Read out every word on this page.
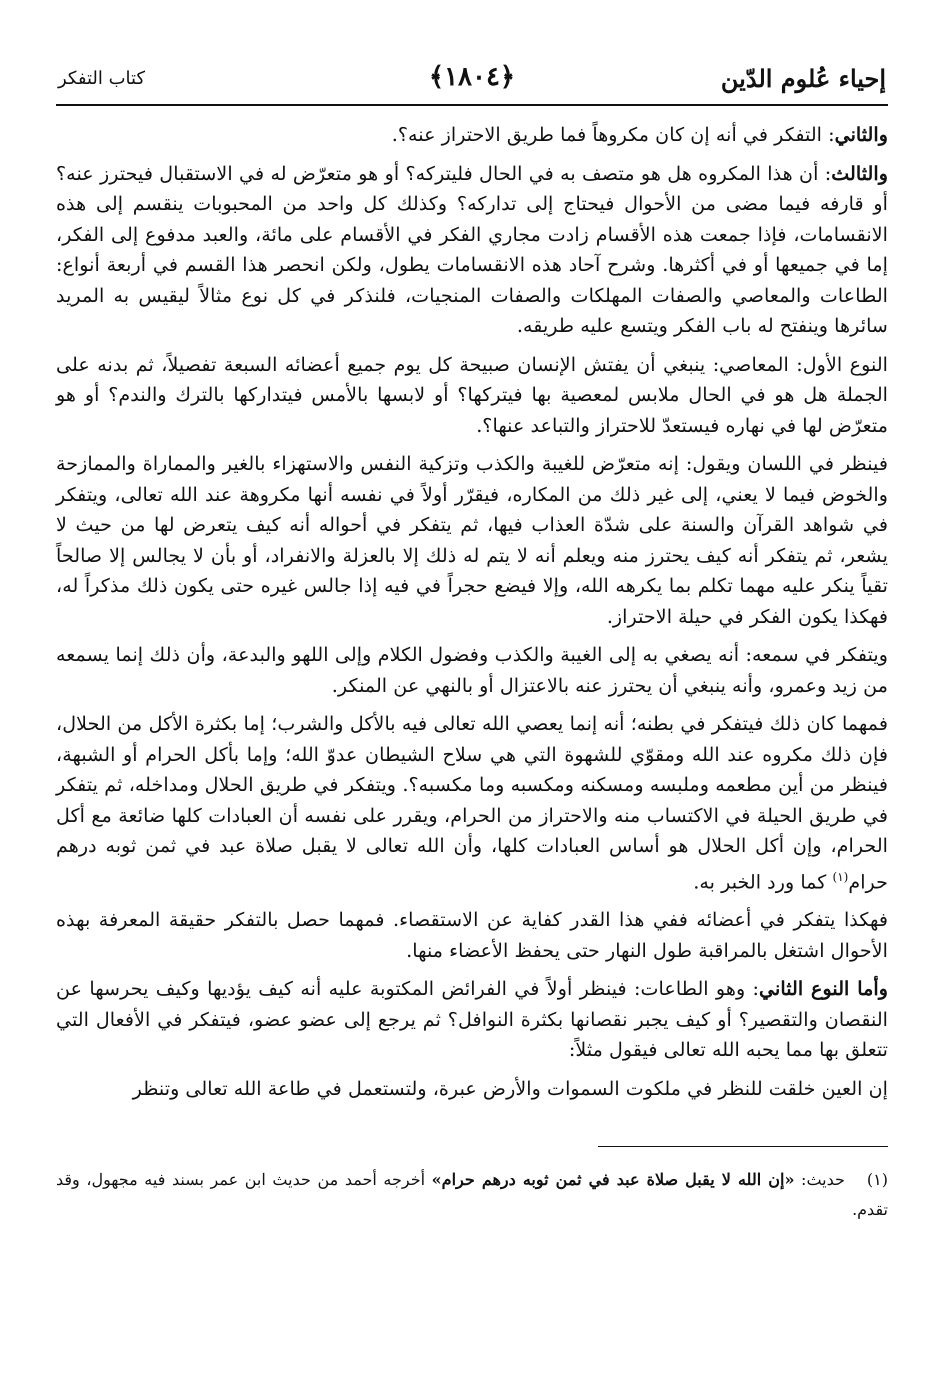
إحياء عُلوم الدّين
﴿١٨٠٤﴾
كتاب التفكر

والثاني: التفكر في أنه إن كان مكروهاً فما طريق الاحتراز عنه؟.

والثالث: أن هذا المكروه هل هو متصف به في الحال فليتركه؟ أو هو متعرّض له في الاستقبال فيحترز عنه؟ أو قارفه فيما مضى من الأحوال فيحتاج إلى تداركه؟ وكذلك كل واحد من المحبوبات ينقسم إلى هذه الانقسامات، فإذا جمعت هذه الأقسام زادت مجاري الفكر في الأقسام على مائة، والعبد مدفوع إلى الفكر، إما في جميعها أو في أكثرها. وشرح آحاد هذه الانقسامات يطول، ولكن انحصر هذا القسم في أربعة أنواع: الطاعات والمعاصي والصفات المهلكات والصفات المنجيات، فلنذكر في كل نوع مثالاً ليقيس به المريد سائرها وينفتح له باب الفكر ويتسع عليه طريقه.

النوع الأول: المعاصي: ينبغي أن يفتش الإنسان صبيحة كل يوم جميع أعضائه السبعة تفصيلاً، ثم بدنه على الجملة هل هو في الحال ملابس لمعصية بها فيتركها؟ أو لابسها بالأمس فيتداركها بالترك والندم؟ أو هو متعرّض لها في نهاره فيستعدّ للاحتراز والتباعد عنها؟.

فينظر في اللسان ويقول: إنه متعرّض للغيبة والكذب وتزكية النفس والاستهزاء بالغير والمماراة والممازحة والخوض فيما لا يعني، إلى غير ذلك من المكاره، فيقرّر أولاً في نفسه أنها مكروهة عند الله تعالى، ويتفكر في شواهد القرآن والسنة على شدّة العذاب فيها، ثم يتفكر في أحواله أنه كيف يتعرض لها من حيث لا يشعر، ثم يتفكر أنه كيف يحترز منه ويعلم أنه لا يتم له ذلك إلا بالعزلة والانفراد، أو بأن لا يجالس إلا صالحاً تقياً ينكر عليه مهما تكلم بما يكرهه الله، وإلا فيضع حجراً في فيه إذا جالس غيره حتى يكون ذلك مذكراً له، فهكذا يكون الفكر في حيلة الاحتراز.

ويتفكر في سمعه: أنه يصغي به إلى الغيبة والكذب وفضول الكلام وإلى اللهو والبدعة، وأن ذلك إنما يسمعه من زيد وعمرو، وأنه ينبغي أن يحترز عنه بالاعتزال أو بالنهي عن المنكر.

فمهما كان ذلك فيتفكر في بطنه؛ أنه إنما يعصي الله تعالى فيه بالأكل والشرب؛ إما بكثرة الأكل من الحلال، فإن ذلك مكروه عند الله ومقوّي للشهوة التي هي سلاح الشيطان عدوّ الله؛ وإما بأكل الحرام أو الشبهة، فينظر من أين مطعمه وملبسه ومسكنه ومكسبه وما مكسبه؟. ويتفكر في طريق الحلال ومداخله، ثم يتفكر في طريق الحيلة في الاكتساب منه والاحتراز من الحرام، ويقرر على نفسه أن العبادات كلها ضائعة مع أكل الحرام، وإن أكل الحلال هو أساس العبادات كلها، وأن الله تعالى لا يقبل صلاة عبد في ثمن ثوبه درهم حرام$^{(١)}$ كما ورد الخبر به.

فهكذا يتفكر في أعضائه ففي هذا القدر كفاية عن الاستقصاء. فمهما حصل بالتفكر حقيقة المعرفة بهذه الأحوال اشتغل بالمراقبة طول النهار حتى يحفظ الأعضاء منها.

وأما النوع الثاني: وهو الطاعات: فينظر أولاً في الفرائض المكتوبة عليه أنه كيف يؤديها وكيف يحرسها عن النقصان والتقصير؟ أو كيف يجبر نقصانها بكثرة النوافل؟ ثم يرجع إلى عضو عضو، فيتفكر في الأفعال التي تتعلق بها مما يحبه الله تعالى فيقول مثلاً:

إن العين خلقت للنظر في ملكوت السموات والأرض عبرة، ولتستعمل في طاعة الله تعالى وتنظر

(١)حديث: «إن الله لا يقبل صلاة عبد في ثمن ثوبه درهم حرام» أخرجه أحمد من حديث ابن عمر بسند فيه مجهول، وقد تقدم.
